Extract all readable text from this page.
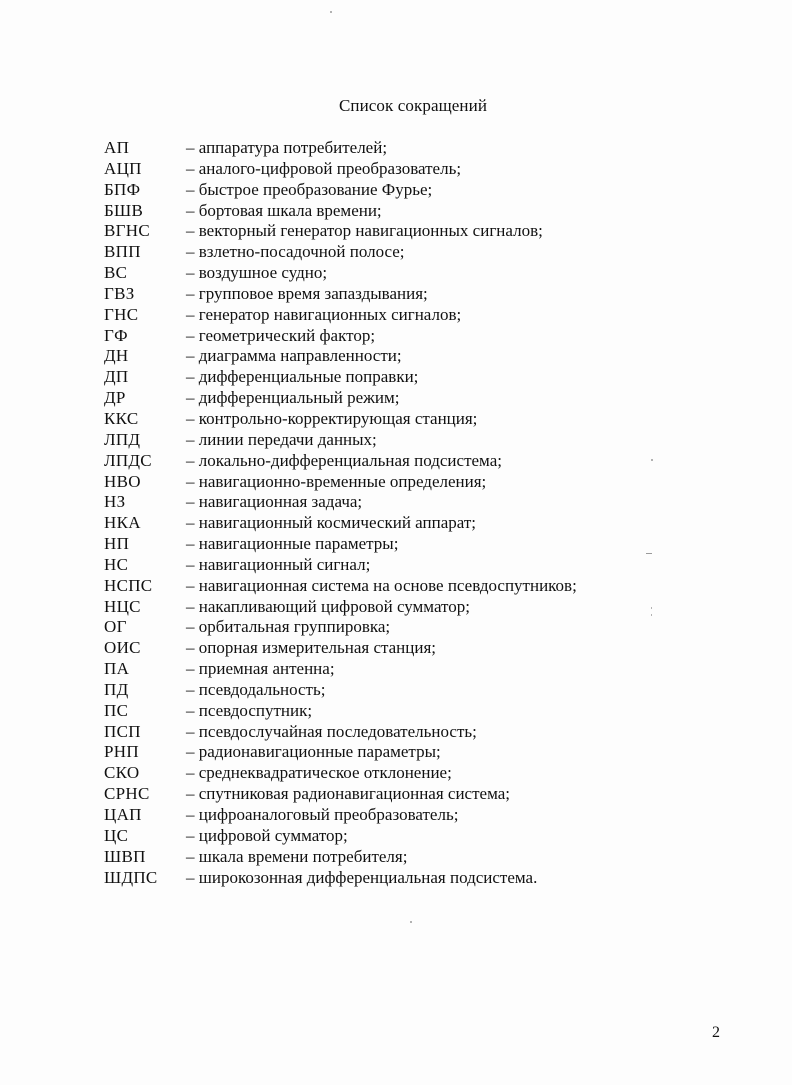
Список сокращений
АП	– аппаратура потребителей;
АЦП	– аналого-цифровой преобразователь;
БПФ	– быстрое преобразование Фурье;
БШВ	– бортовая шкала времени;
ВГНС	– векторный генератор навигационных сигналов;
ВПП	– взлетно-посадочной полосе;
ВС	– воздушное судно;
ГВЗ	– групповое время запаздывания;
ГНС	– генератор навигационных сигналов;
ГФ	– геометрический фактор;
ДН	– диаграмма направленности;
ДП	– дифференциальные поправки;
ДР	– дифференциальный режим;
ККС	– контрольно-корректирующая станция;
ЛПД	– линии передачи данных;
ЛПДС	– локально-дифференциальная подсистема;
НВО	– навигационно-временные определения;
НЗ	– навигационная задача;
НКА	– навигационный космический аппарат;
НП	– навигационные параметры;
НС	– навигационный сигнал;
НСПС	– навигационная система на основе псевдоспутников;
НЦС	– накапливающий цифровой сумматор;
ОГ	– орбитальная группировка;
ОИС	– опорная измерительная станция;
ПА	– приемная антенна;
ПД	– псевдодальность;
ПС	– псевдоспутник;
ПСП	– псевдослучайная последовательность;
РНП	– радионавигационные параметры;
СКО	– среднеквадратическое отклонение;
СРНС	– спутниковая радионавигационная система;
ЦАП	– цифроаналоговый преобразователь;
ЦС	– цифровой сумматор;
ШВП	– шкала времени потребителя;
ШДПС	– широкозонная дифференциальная подсистема.
2
